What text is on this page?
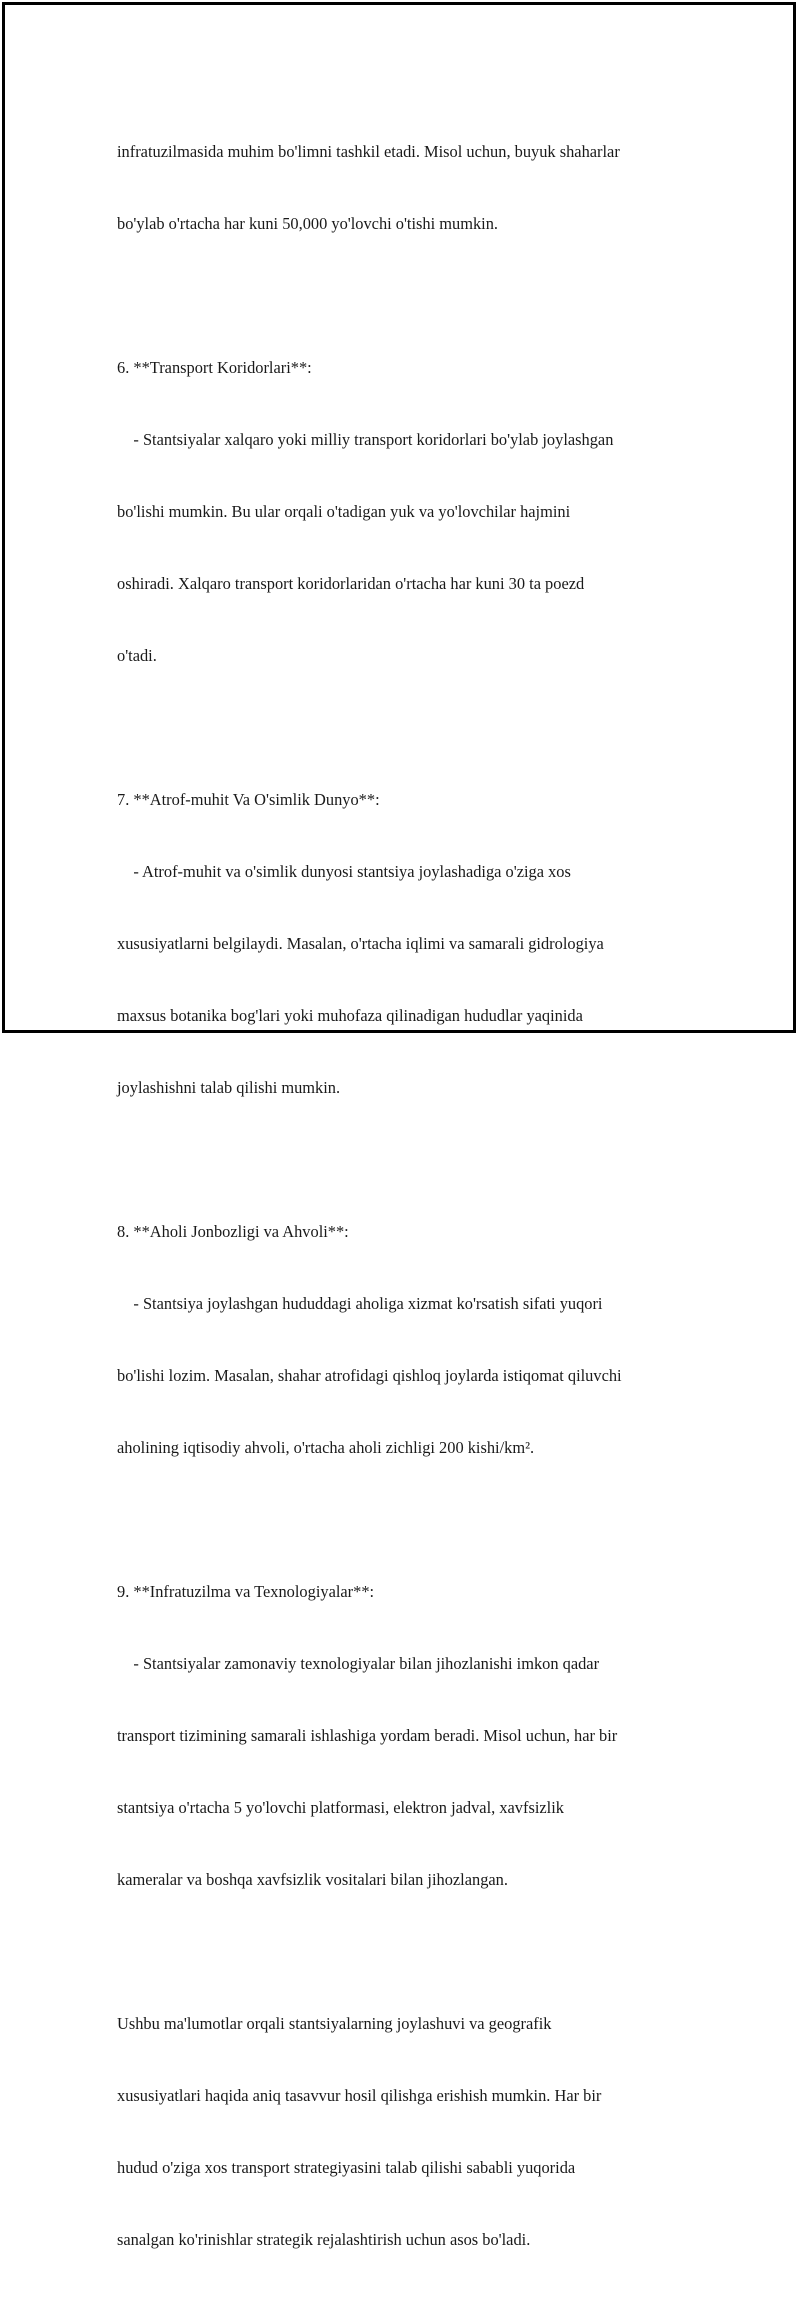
infratuzilmasida muhim bo'limni tashkil etadi. Misol uchun, buyuk shaharlar

bo'ylab o'rtacha har kuni 50,000 yo'lovchi o'tishi mumkin.

6. **Transport Koridorlari**:

- Stantsiyalar xalqaro yoki milliy transport koridorlari bo'ylab joylashgan

bo'lishi mumkin. Bu ular orqali o'tadigan yuk va yo'lovchilar hajmini

oshiradi. Xalqaro transport koridorlaridan o'rtacha har kuni 30 ta poezd

o'tadi.

7. **Atrof-muhit Va O'simlik Dunyo**:

- Atrof-muhit va o'simlik dunyosi stantsiya joylashadiga o'ziga xos

xususiyatlarni belgilaydi. Masalan, o'rtacha iqlimi va samarali gidrologiya

maxsus botanika bog'lari yoki muhofaza qilinadigan hududlar yaqinida

joylashishni talab qilishi mumkin.

8. **Aholi Jonbozligi va Ahvoli**:

- Stantsiya joylashgan hududdagi aholiga xizmat ko'rsatish sifati yuqori

bo'lishi lozim. Masalan, shahar atrofidagi qishloq joylarda istiqomat qiluvchi

aholining iqtisodiy ahvoli, o'rtacha aholi zichligi 200 kishi/km².

9. **Infratuzilma va Texnologiyalar**:

- Stantsiyalar zamonaviy texnologiyalar bilan jihozlanishi imkon qadar

transport tizimining samarali ishlashiga yordam beradi. Misol uchun, har bir

stantsiya o'rtacha 5 yo'lovchi platformasi, elektron jadval, xavfsizlik

kameralar va boshqa xavfsizlik vositalari bilan jihozlangan.

Ushbu ma'lumotlar orqali stantsiyalarning joylashuvi va geografik

xususiyatlari haqida aniq tasavvur hosil qilishga erishish mumkin. Har bir

hudud o'ziga xos transport strategiyasini talab qilishi sababli yuqorida

sanalgan ko'rinishlar strategik rejalashtirish uchun asos bo'ladi.
